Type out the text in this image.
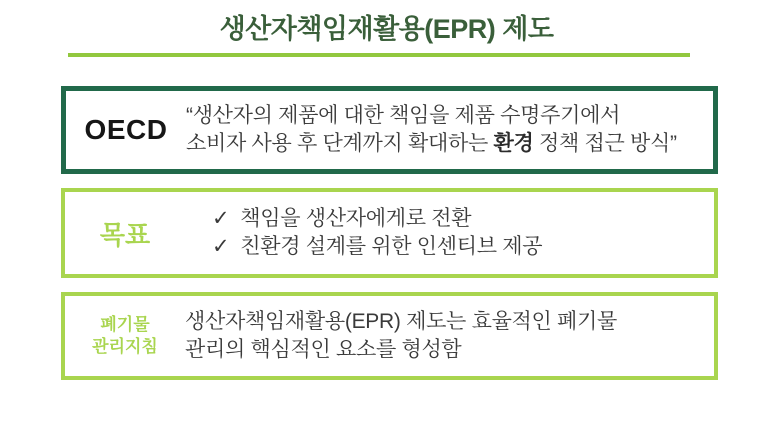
생산자책임재활용(EPR) 제도
OECD “생산자의 제품에 대한 책임을 제품 수명주기에서
소비자 사용 후 단계까지 확대하는 환경 정책 접근 방식”
목표
✓ 책임을 생산자에게로 전환
✓ 친환경 설계를 위한 인센티브 제공
폐기물
관리지침
생산자책임재활용(EPR) 제도는 효율적인 폐기물
관리의 핵심적인 요소를 형성함
